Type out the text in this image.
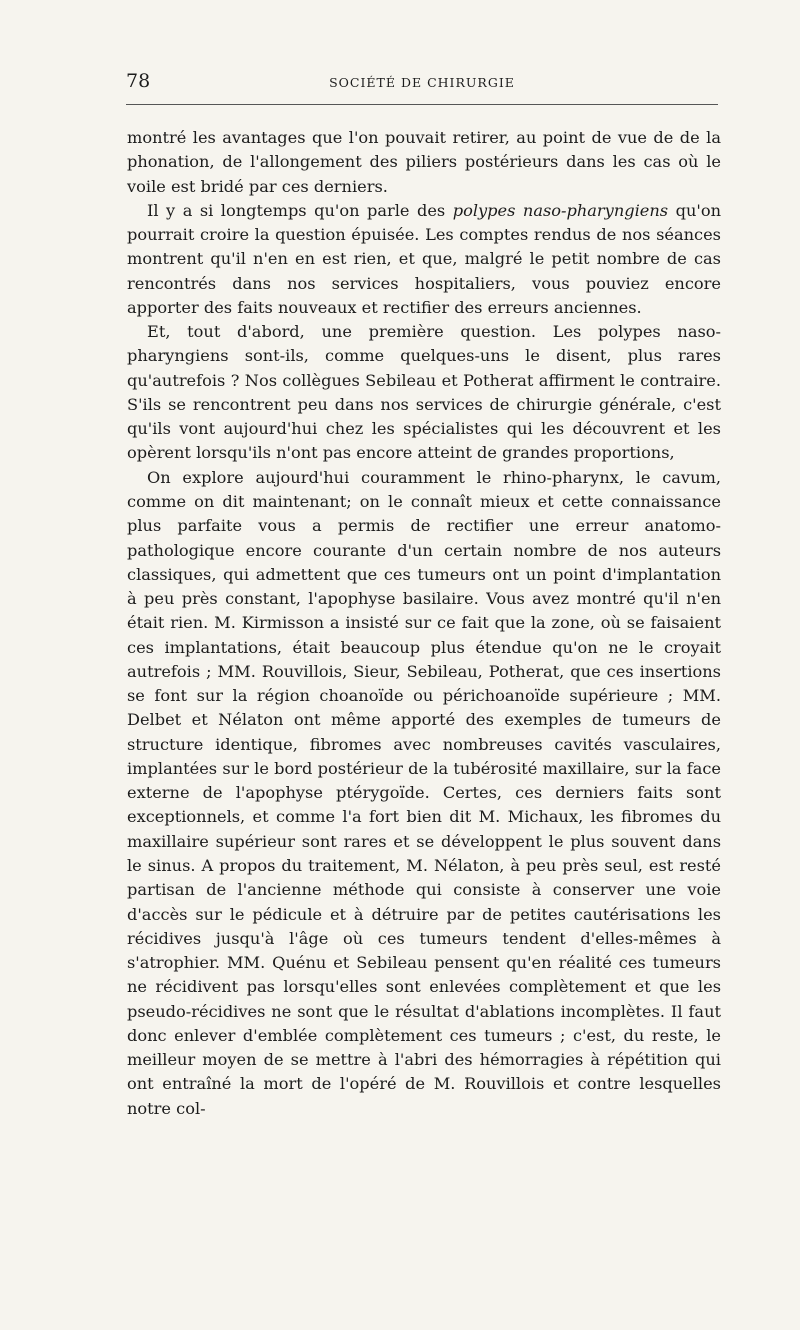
78	SOCIÉTÉ DE CHIRURGIE

montré les avantages que l'on pouvait retirer, au point de vue de de la phonation, de l'allongement des piliers postérieurs dans les cas où le voile est bridé par ces derniers.

Il y a si longtemps qu'on parle des polypes naso-pharyngiens qu'on pourrait croire la question épuisée. Les comptes rendus de nos séances montrent qu'il n'en en est rien, et que, malgré le petit nombre de cas rencontrés dans nos services hospitaliers, vous pouviez encore apporter des faits nouveaux et rectifier des erreurs anciennes.

Et, tout d'abord, une première question. Les polypes naso-pharyngiens sont-ils, comme quelques-uns le disent, plus rares qu'autrefois ? Nos collègues Sebileau et Potherat affirment le contraire. S'ils se rencontrent peu dans nos services de chirurgie générale, c'est qu'ils vont aujourd'hui chez les spécialistes qui les découvrent et les opèrent lorsqu'ils n'ont pas encore atteint de grandes proportions,

On explore aujourd'hui couramment le rhino-pharynx, le cavum, comme on dit maintenant; on le connaît mieux et cette connaissance plus parfaite vous a permis de rectifier une erreur anatomo-pathologique encore courante d'un certain nombre de nos auteurs classiques, qui admettent que ces tumeurs ont un point d'implantation à peu près constant, l'apophyse basilaire. Vous avez montré qu'il n'en était rien. M. Kirmisson a insisté sur ce fait que la zone, où se faisaient ces implantations, était beaucoup plus étendue qu'on ne le croyait autrefois ; MM. Rouvillois, Sieur, Sebileau, Potherat, que ces insertions se font sur la région choanoïde ou périchoanoïde supérieure ; MM. Delbet et Nélaton ont même apporté des exemples de tumeurs de structure identique, fibromes avec nombreuses cavités vasculaires, implantées sur le bord postérieur de la tubérosité maxillaire, sur la face externe de l'apophyse ptérygoïde. Certes, ces derniers faits sont exceptionnels, et comme l'a fort bien dit M. Michaux, les fibromes du maxillaire supérieur sont rares et se développent le plus souvent dans le sinus. A propos du traitement, M. Nélaton, à peu près seul, est resté partisan de l'ancienne méthode qui consiste à conserver une voie d'accès sur le pédicule et à détruire par de petites cautérisations les récidives jusqu'à l'âge où ces tumeurs tendent d'elles-mêmes à s'atrophier. MM. Quénu et Sebileau pensent qu'en réalité ces tumeurs ne récidivent pas lorsqu'elles sont enlevées complètement et que les pseudo-récidives ne sont que le résultat d'ablations incomplètes. Il faut donc enlever d'emblée complètement ces tumeurs ; c'est, du reste, le meilleur moyen de se mettre à l'abri des hémorragies à répétition qui ont entraîné la mort de l'opéré de M. Rouvillois et contre lesquelles notre col-
